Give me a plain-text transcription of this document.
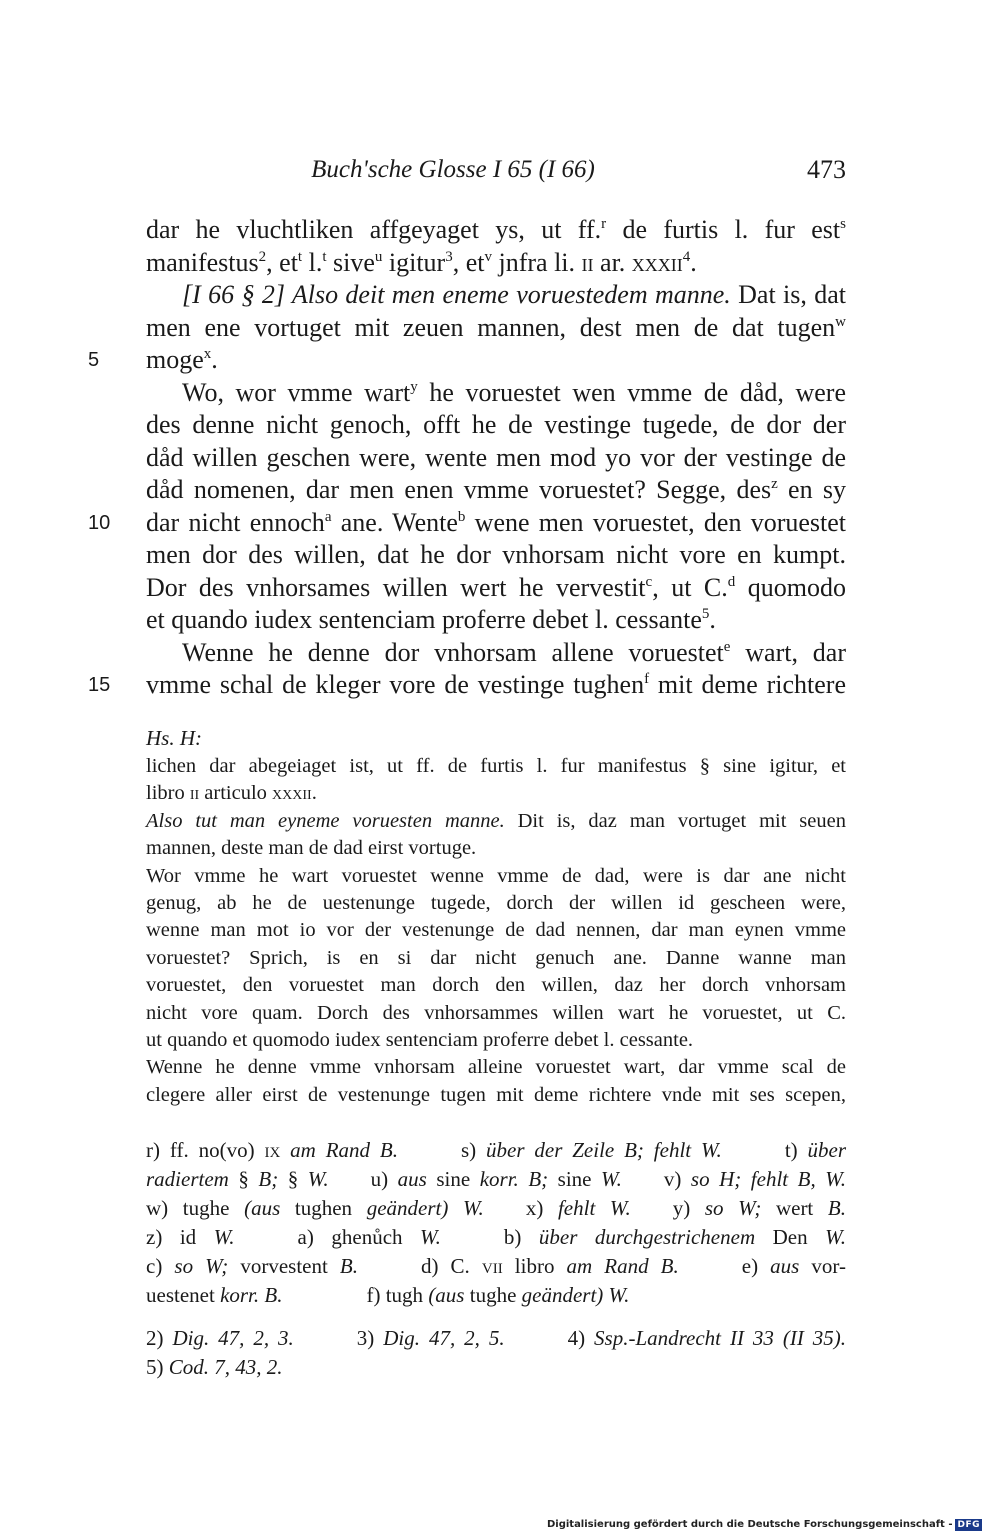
Buch'sche Glosse I 65 (I 66)	473
dar he vluchtliken affgeyaget ys, ut ff.$^r$ de furtis l. fur est$^s$
manifestus$^2$, $et^t$ l.$^t$ sive$^u$ igitur$^3$, $et^v$ jnfra li. ii ar. xxxii$^4$.
[I 66 § 2] Also deit men eneme voruestedem manne. Dat is, dat
men ene vortuget mit zeuen mannen, dest men de dat tugen$^w$
5	moge$^x$.
Wo, wor vmme wart$^y$ he voruestet wen vmme de dåd, were
des denne nicht genoch, offt he de vestinge tugede, de dor der
dåd willen geschen were, wente men mod yo vor der vestinge de
dåd nomenen, dar men enen vmme voruestet? Segge, des$^z$ en sy
10 dar nicht ennoch$^a$ ane. Wente$^b$ wene men voruestet, den voruestet
men dor des willen, dat he dor vnhorsam nicht vore en kumpt.
Dor des vnhorsames willen wert he vervestit$^c$, ut C.$^d$ quomodo
et quando iudex sentenciam proferre debet l. cessante$^5$.
Wenne he denne dor vnhorsam allene voruestet$^e$ wart, dar
15 vmme schal de kleger vore de vestinge tughen$^f$ mit deme richtere
Hs. H:
lichen dar abegeiaget ist, ut ff. de furtis l. fur manifestus § sine igitur, et
libro ii articulo xxxii.
Also tut man eyneme voruesten manne. Dit is, daz man vortuget mit seuen
mannen, deste man de dad eirst vortuge.
Wor vmme he wart voruestet wenne vmme de dad, were is dar ane nicht
genug, ab he de uestenunge tugede, dorch der willen id gescheen were,
wenne man mot io vor der vestenunge de dad nennen, dar man eynen vmme
voruestet? Sprich, is en si dar nicht genuch ane. Danne wanne man
voruestet, den voruestet man dorch den willen, daz her dorch vnhorsam
nicht vore quam. Dorch des vnhorsammes willen wart he voruestet, ut C.
ut quando et quomodo iudex sentenciam proferre debet l. cessante.
Wenne he denne vmme vnhorsam alleine voruestet wart, dar vmme scal de
clegere aller eirst de vestenunge tugen mit deme richtere vnde mit ses scepen,
r) ff. no(vo) ix am Rand B.   	s) über der Zeile B; fehlt W.   	t) über
radiertem § B; § W.   u) aus sine korr. B; sine W.   v) so H; fehlt B, W.
w) tughe (aus tughen geändert) W.   x) fehlt W.   y) so W; wert B.
z) id W.   	a) ghenůch W.   	b) über durchgestrichenem Den W.
c) so W; vorvestent B.   	d) C. vii libro am Rand B.   	e) aus vor-
uestenet korr. B.    	f) tugh (aus tughe geändert) W.
2) Dig. 47, 2, 3.   	3) Dig. 47, 2, 5.   	4) Ssp.-Landrecht II 33 (II 35).
5) Cod. 7, 43, 2.
Digitalisierung gefördert durch die Deutsche Forschungsgemeinschaft - DFG
